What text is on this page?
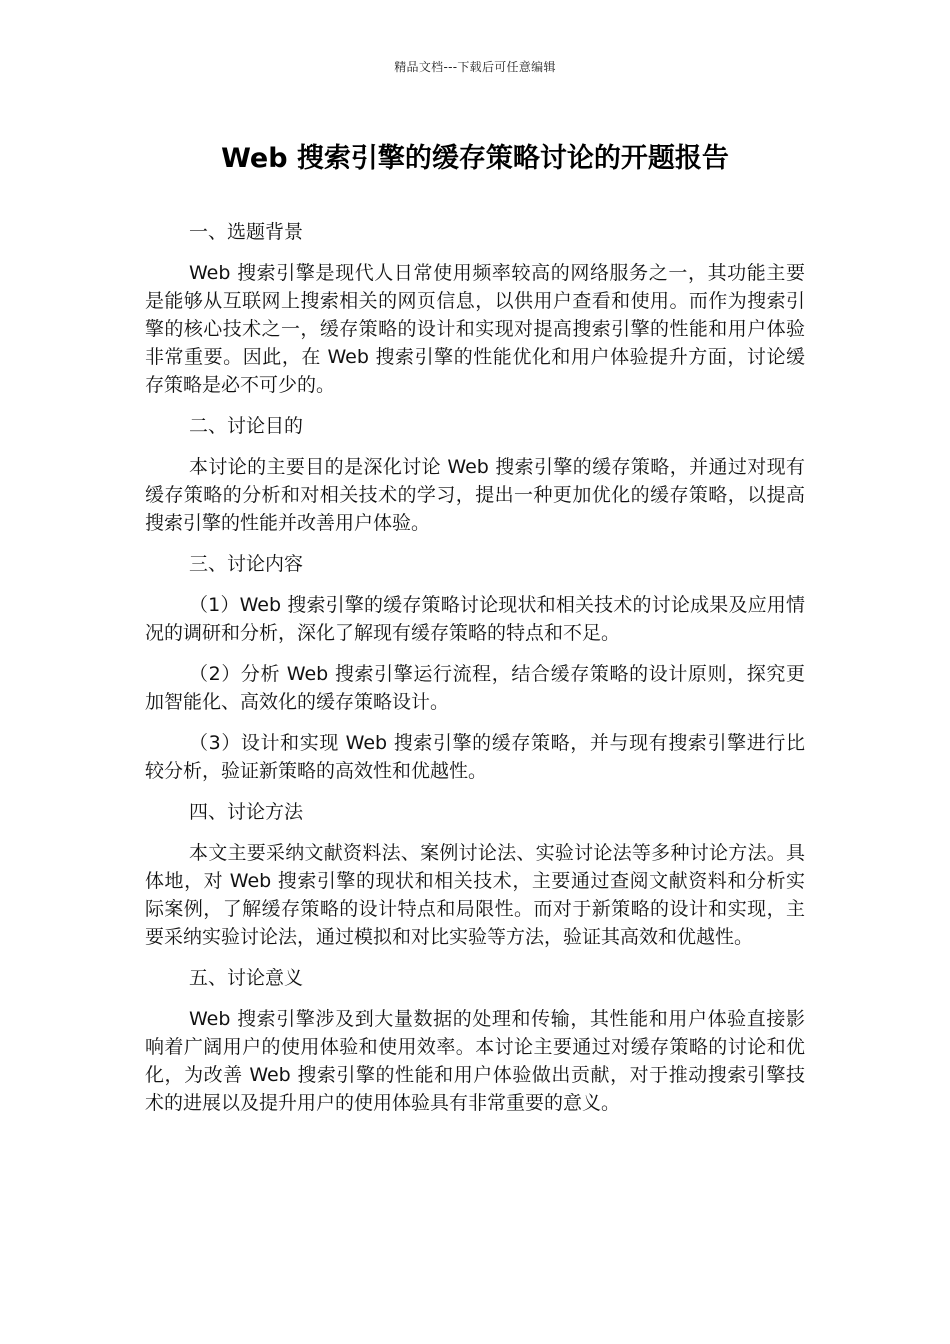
精品文档---下载后可任意编辑
Web 搜索引擎的缓存策略讨论的开题报告

一、选题背景

Web 搜索引擎是现代人日常使用频率较高的网络服务之一，其功能主要是能够从互联网上搜索相关的网页信息，以供用户查看和使用。而作为搜索引擎的核心技术之一，缓存策略的设计和实现对提高搜索引擎的性能和用户体验非常重要。因此，在 Web 搜索引擎的性能优化和用户体验提升方面，讨论缓存策略是必不可少的。

二、讨论目的

本讨论的主要目的是深化讨论 Web 搜索引擎的缓存策略，并通过对现有缓存策略的分析和对相关技术的学习，提出一种更加优化的缓存策略，以提高搜索引擎的性能并改善用户体验。

三、讨论内容

（1）Web 搜索引擎的缓存策略讨论现状和相关技术的讨论成果及应用情况的调研和分析，深化了解现有缓存策略的特点和不足。

（2）分析 Web 搜索引擎运行流程，结合缓存策略的设计原则，探究更加智能化、高效化的缓存策略设计。

（3）设计和实现 Web 搜索引擎的缓存策略，并与现有搜索引擎进行比较分析，验证新策略的高效性和优越性。

四、讨论方法

本文主要采纳文献资料法、案例讨论法、实验讨论法等多种讨论方法。具体地，对 Web 搜索引擎的现状和相关技术，主要通过查阅文献资料和分析实际案例，了解缓存策略的设计特点和局限性。而对于新策略的设计和实现，主要采纳实验讨论法，通过模拟和对比实验等方法，验证其高效和优越性。

五、讨论意义

Web 搜索引擎涉及到大量数据的处理和传输，其性能和用户体验直接影响着广阔用户的使用体验和使用效率。本讨论主要通过对缓存策略的讨论和优化，为改善 Web 搜索引擎的性能和用户体验做出贡献，对于推动搜索引擎技术的进展以及提升用户的使用体验具有非常重要的意义。
